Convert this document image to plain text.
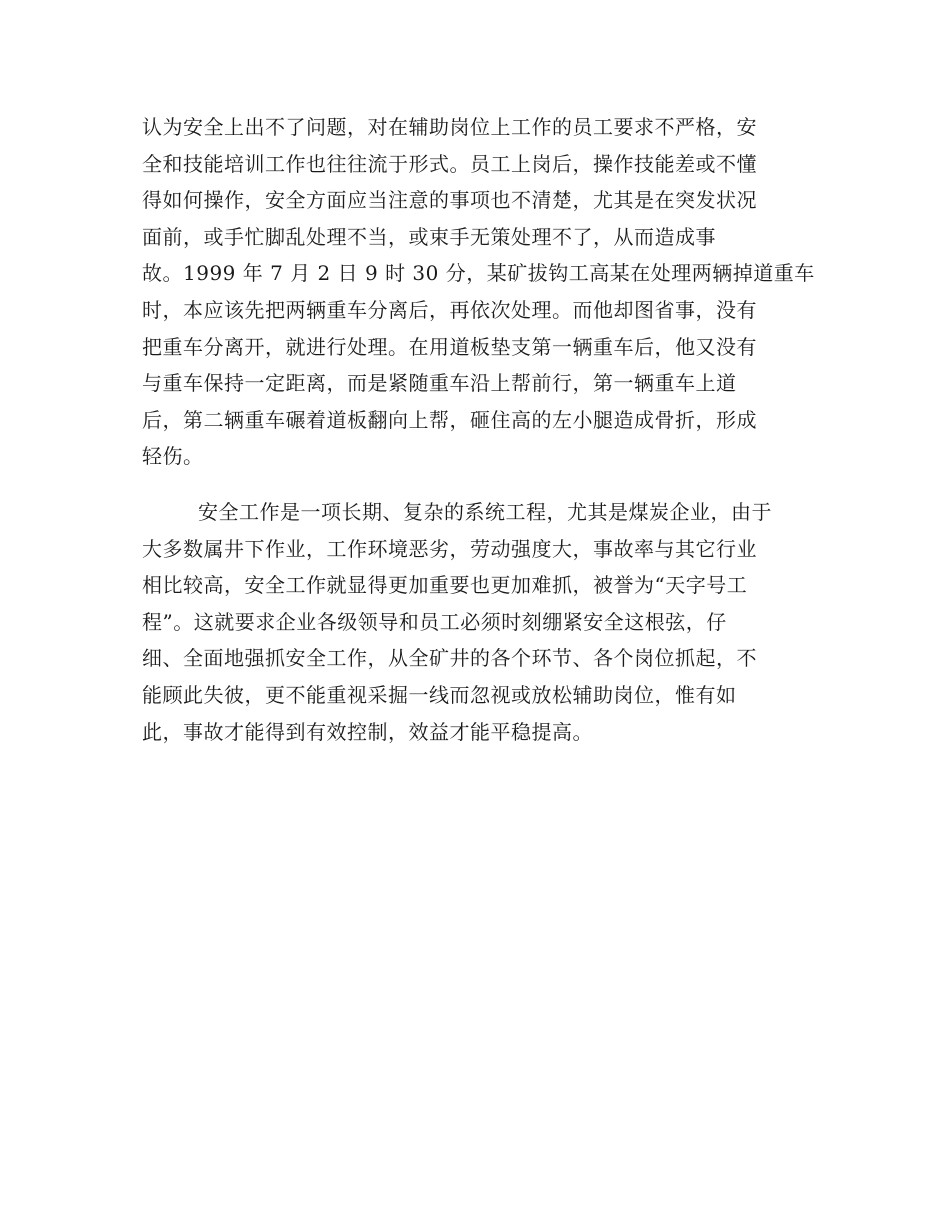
认为安全上出不了问题，对在辅助岗位上工作的员工要求不严格，安
全和技能培训工作也往往流于形式。员工上岗后，操作技能差或不懂
得如何操作，安全方面应当注意的事项也不清楚，尤其是在突发状况
面前，或手忙脚乱处理不当，或束手无策处理不了，从而造成事
故。1999 年 7 月 2 日 9 时 30 分，某矿拔钩工高某在处理两辆掉道重车
时，本应该先把两辆重车分离后，再依次处理。而他却图省事，没有
把重车分离开，就进行处理。在用道板垫支第一辆重车后，他又没有
与重车保持一定距离，而是紧随重车沿上帮前行，第一辆重车上道
后，第二辆重车碾着道板翻向上帮，砸住高的左小腿造成骨折，形成
轻伤。
安全工作是一项长期、复杂的系统工程，尤其是煤炭企业，由于
大多数属井下作业，工作环境恶劣，劳动强度大，事故率与其它行业
相比较高，安全工作就显得更加重要也更加难抓，被誉为“天字号工
程”。这就要求企业各级领导和员工必须时刻绷紧安全这根弦，仔
细、全面地强抓安全工作，从全矿井的各个环节、各个岗位抓起，不
能顾此失彼，更不能重视采掘一线而忽视或放松辅助岗位，惟有如
此，事故才能得到有效控制，效益才能平稳提高。
